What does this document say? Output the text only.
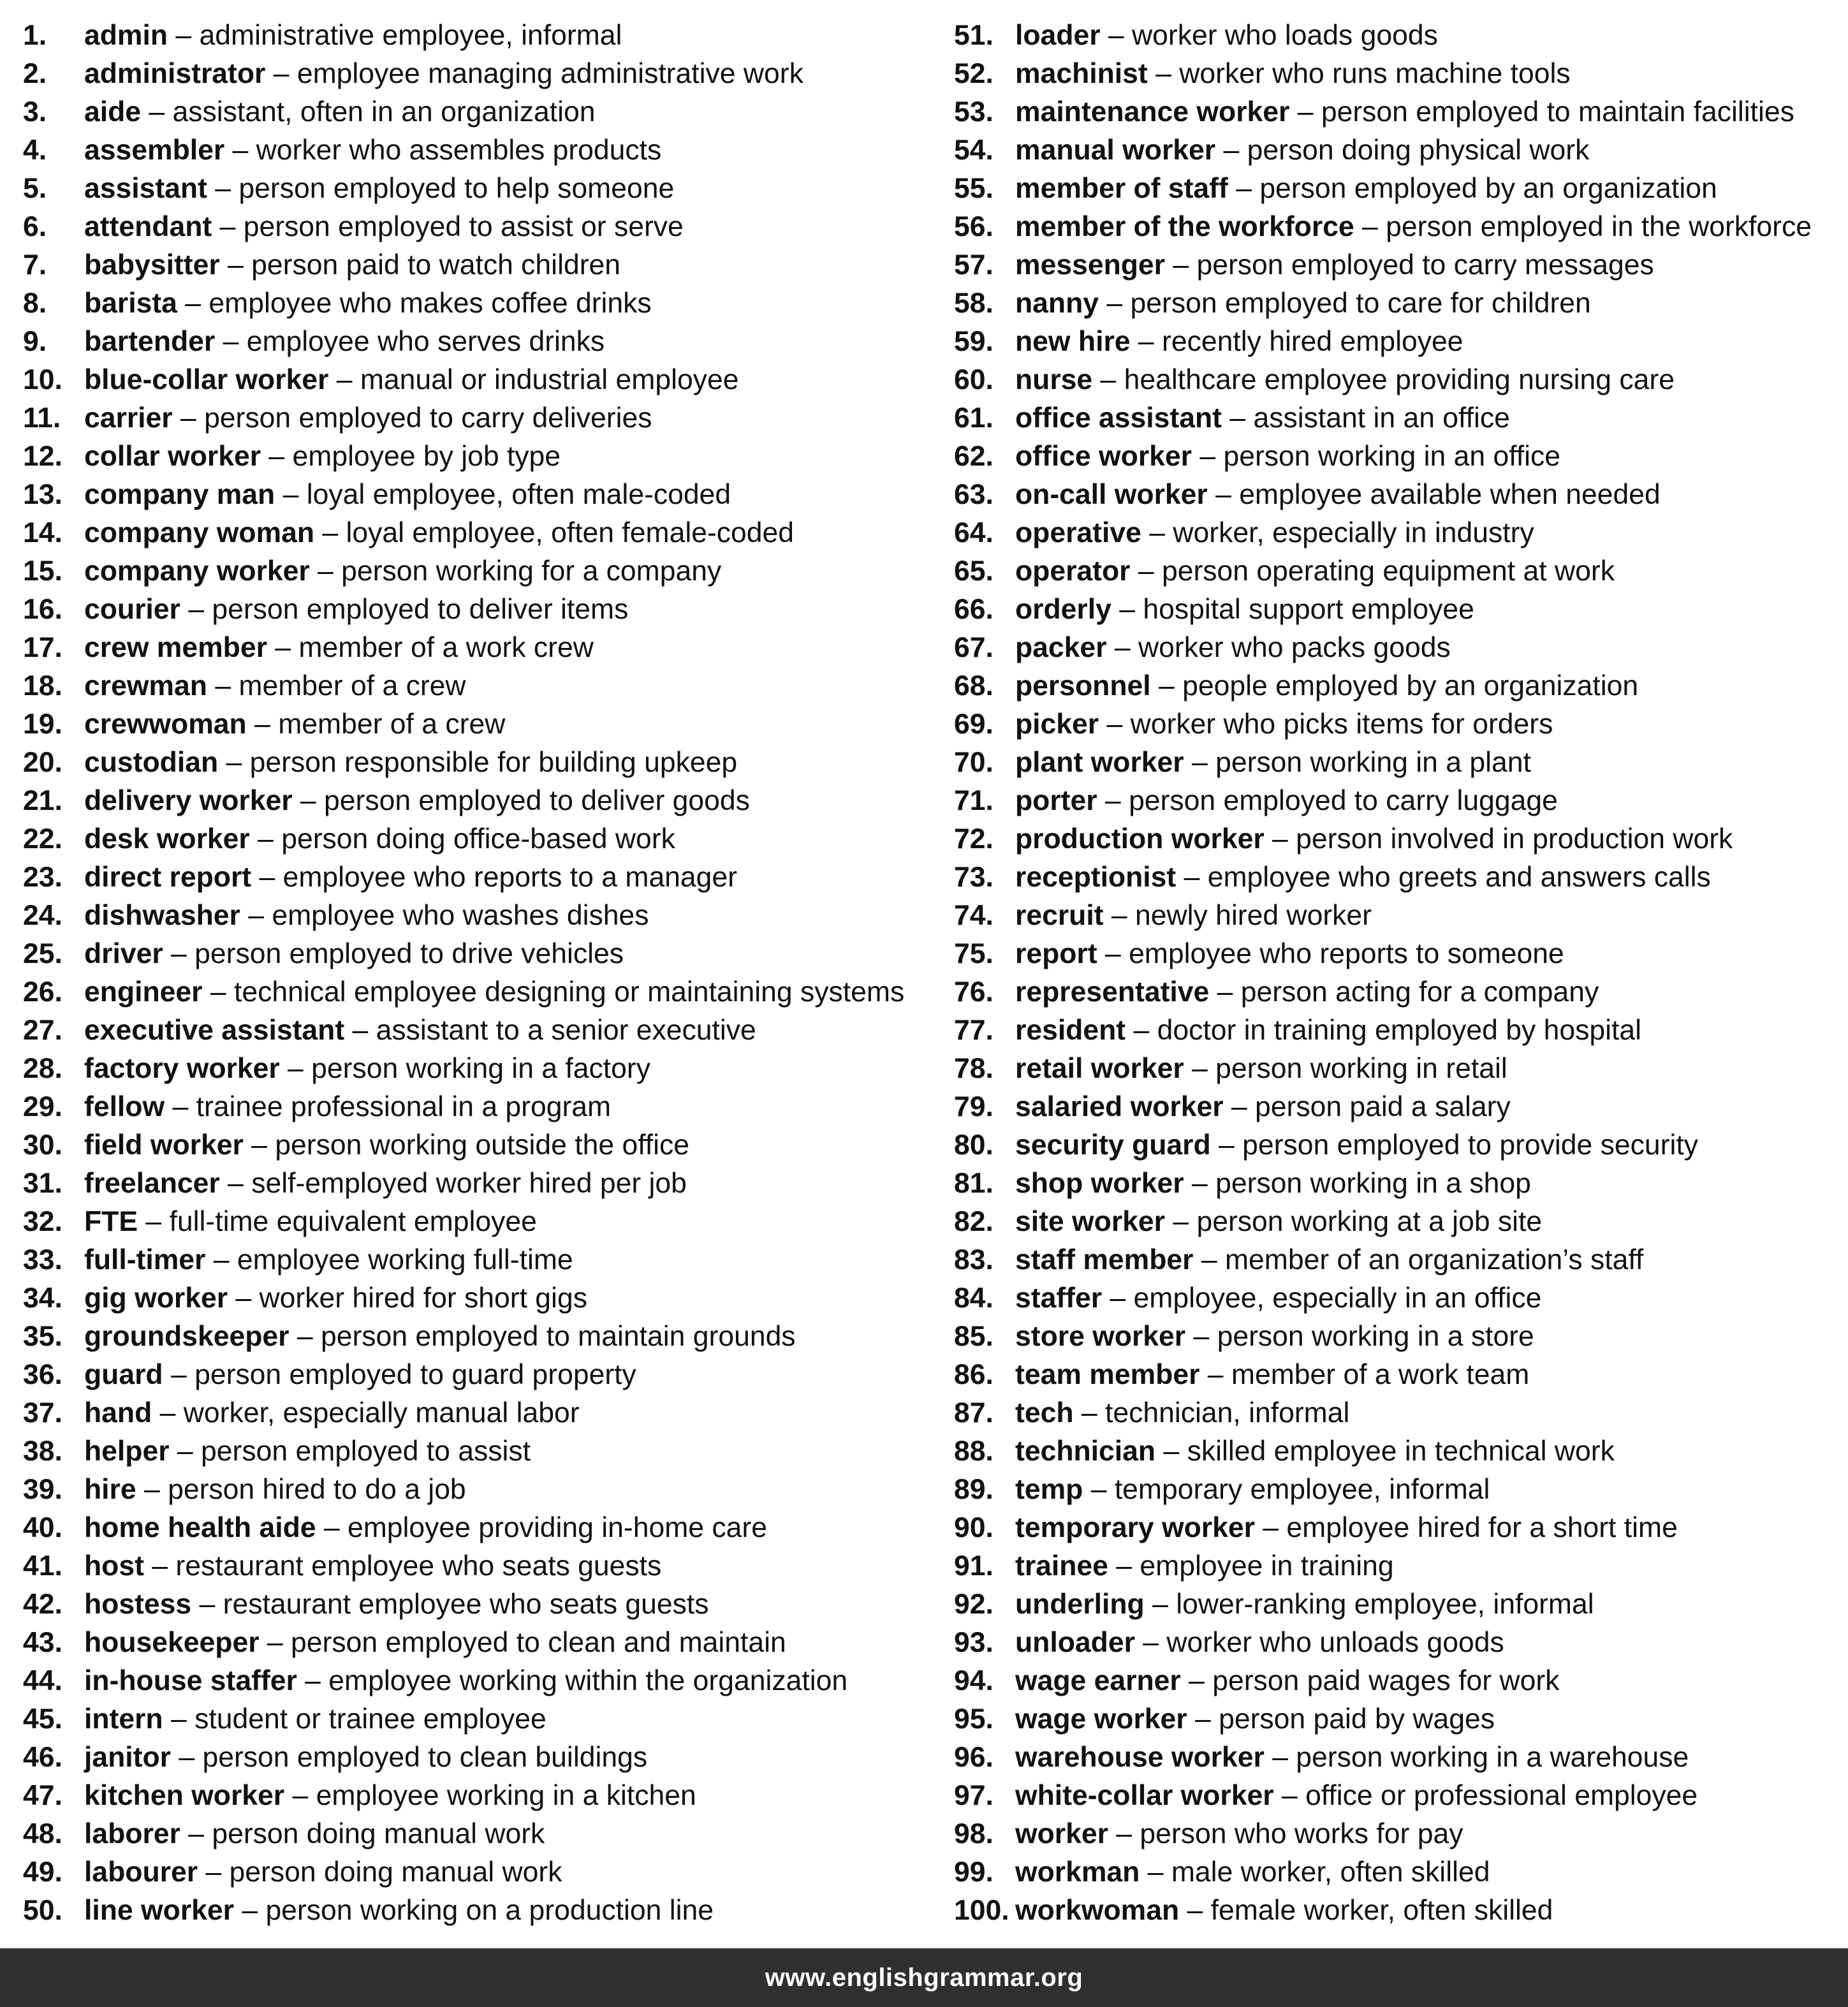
1. admin – administrative employee, informal
2. administrator – employee managing administrative work
3. aide – assistant, often in an organization
4. assembler – worker who assembles products
5. assistant – person employed to help someone
6. attendant – person employed to assist or serve
7. babysitter – person paid to watch children
8. barista – employee who makes coffee drinks
9. bartender – employee who serves drinks
10. blue-collar worker – manual or industrial employee
11. carrier – person employed to carry deliveries
12. collar worker – employee by job type
13. company man – loyal employee, often male-coded
14. company woman – loyal employee, often female-coded
15. company worker – person working for a company
16. courier – person employed to deliver items
17. crew member – member of a work crew
18. crewman – member of a crew
19. crewwoman – member of a crew
20. custodian – person responsible for building upkeep
21. delivery worker – person employed to deliver goods
22. desk worker – person doing office-based work
23. direct report – employee who reports to a manager
24. dishwasher – employee who washes dishes
25. driver – person employed to drive vehicles
26. engineer – technical employee designing or maintaining systems
27. executive assistant – assistant to a senior executive
28. factory worker – person working in a factory
29. fellow – trainee professional in a program
30. field worker – person working outside the office
31. freelancer – self-employed worker hired per job
32. FTE – full-time equivalent employee
33. full-timer – employee working full-time
34. gig worker – worker hired for short gigs
35. groundskeeper – person employed to maintain grounds
36. guard – person employed to guard property
37. hand – worker, especially manual labor
38. helper – person employed to assist
39. hire – person hired to do a job
40. home health aide – employee providing in-home care
41. host – restaurant employee who seats guests
42. hostess – restaurant employee who seats guests
43. housekeeper – person employed to clean and maintain
44. in-house staffer – employee working within the organization
45. intern – student or trainee employee
46. janitor – person employed to clean buildings
47. kitchen worker – employee working in a kitchen
48. laborer – person doing manual work
49. labourer – person doing manual work
50. line worker – person working on a production line
51. loader – worker who loads goods
52. machinist – worker who runs machine tools
53. maintenance worker – person employed to maintain facilities
54. manual worker – person doing physical work
55. member of staff – person employed by an organization
56. member of the workforce – person employed in the workforce
57. messenger – person employed to carry messages
58. nanny – person employed to care for children
59. new hire – recently hired employee
60. nurse – healthcare employee providing nursing care
61. office assistant – assistant in an office
62. office worker – person working in an office
63. on-call worker – employee available when needed
64. operative – worker, especially in industry
65. operator – person operating equipment at work
66. orderly – hospital support employee
67. packer – worker who packs goods
68. personnel – people employed by an organization
69. picker – worker who picks items for orders
70. plant worker – person working in a plant
71. porter – person employed to carry luggage
72. production worker – person involved in production work
73. receptionist – employee who greets and answers calls
74. recruit – newly hired worker
75. report – employee who reports to someone
76. representative – person acting for a company
77. resident – doctor in training employed by hospital
78. retail worker – person working in retail
79. salaried worker – person paid a salary
80. security guard – person employed to provide security
81. shop worker – person working in a shop
82. site worker – person working at a job site
83. staff member – member of an organization’s staff
84. staffer – employee, especially in an office
85. store worker – person working in a store
86. team member – member of a work team
87. tech – technician, informal
88. technician – skilled employee in technical work
89. temp – temporary employee, informal
90. temporary worker – employee hired for a short time
91. trainee – employee in training
92. underling – lower-ranking employee, informal
93. unloader – worker who unloads goods
94. wage earner – person paid wages for work
95. wage worker – person paid by wages
96. warehouse worker – person working in a warehouse
97. white-collar worker – office or professional employee
98. worker – person who works for pay
99. workman – male worker, often skilled
100. workwoman – female worker, often skilled
www.englishgrammar.org
